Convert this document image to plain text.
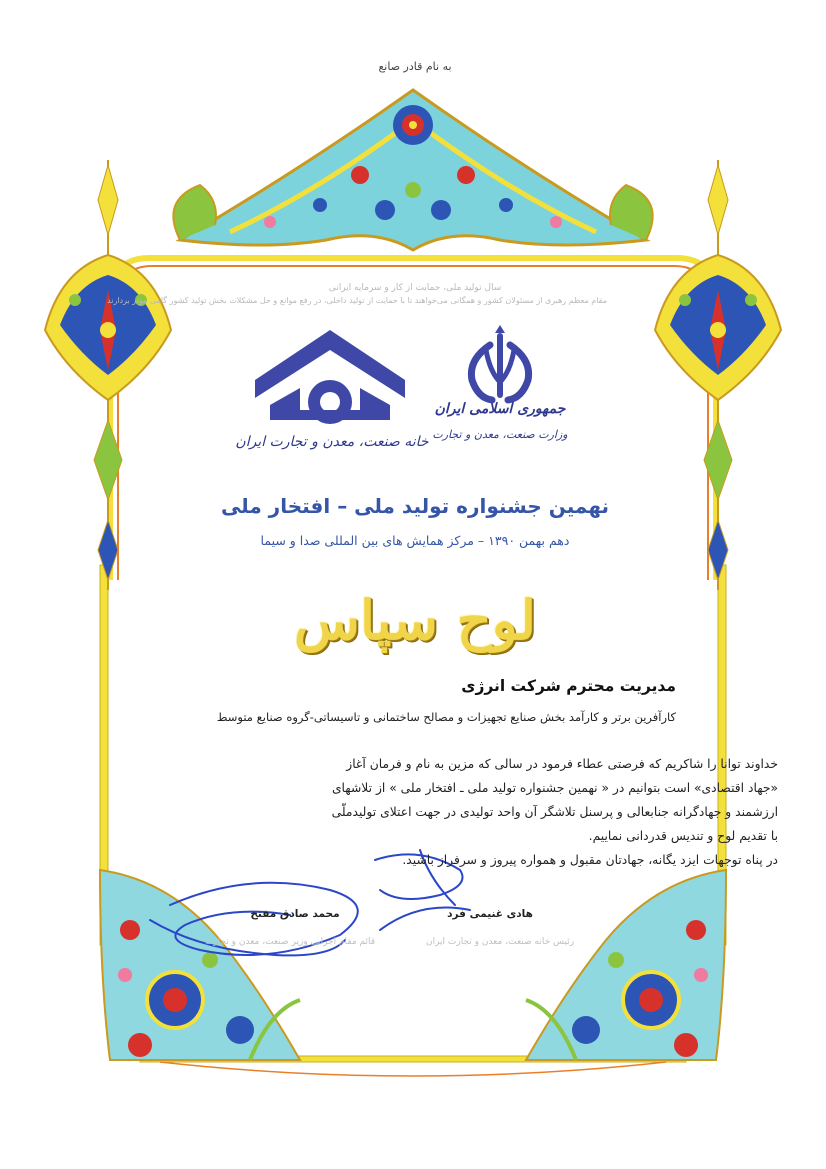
به نام قادر صانع
سال تولید ملی، حمایت از کار و سرمایه ایرانی
مقام معظم رهبری از مسئولان کشور و همگانی می‌خواهند تا با حمایت از تولید داخلی، در رفع موانع و حل مشکلات بخش تولید کشور گامی موثر بردارند
خانه صنعت، معدن و تجارت ایران
جمهوری اسلامی ایران
وزارت صنعت، معدن و تجارت
نهمین جشنواره تولید ملی – افتخار ملی
دهم بهمن ۱۳۹۰ – مرکز همایش های بین المللی صدا و سیما
لوح سپاس
مدیریت محترم شرکت انرژی
کارآفرین برتر و کارآمد بخش صنایع تجهیزات و مصالح ساختمانی و تاسیساتی-گروه صنایع متوسط
خداوند توانا را شاکریم که فرصتی عطاء فرمود در سالی که مزین به نام و فرمان آغاز
«جهاد اقتصادی» است بتوانیم در « نهمین جشنواره تولید ملی ـ افتخار ملی » از تلاشهای
ارزشمند و جهادگرانه جنابعالی و پرسنل تلاشگر آن واحد تولیدی در جهت اعتلای تولیدملّی
با تقدیم لوح و تندیس قدردانی نماییم.
در پناه توجهات ایزد یگانه، جهادتان مقبول و همواره پیروز و سرفراز باشید.
هادی غنیمی فرد
رئیس خانه صنعت، معدن و تجارت ایران
محمد صادق مفتح
قائم مقام اجرایی وزیر صنعت، معدن و تجارت
